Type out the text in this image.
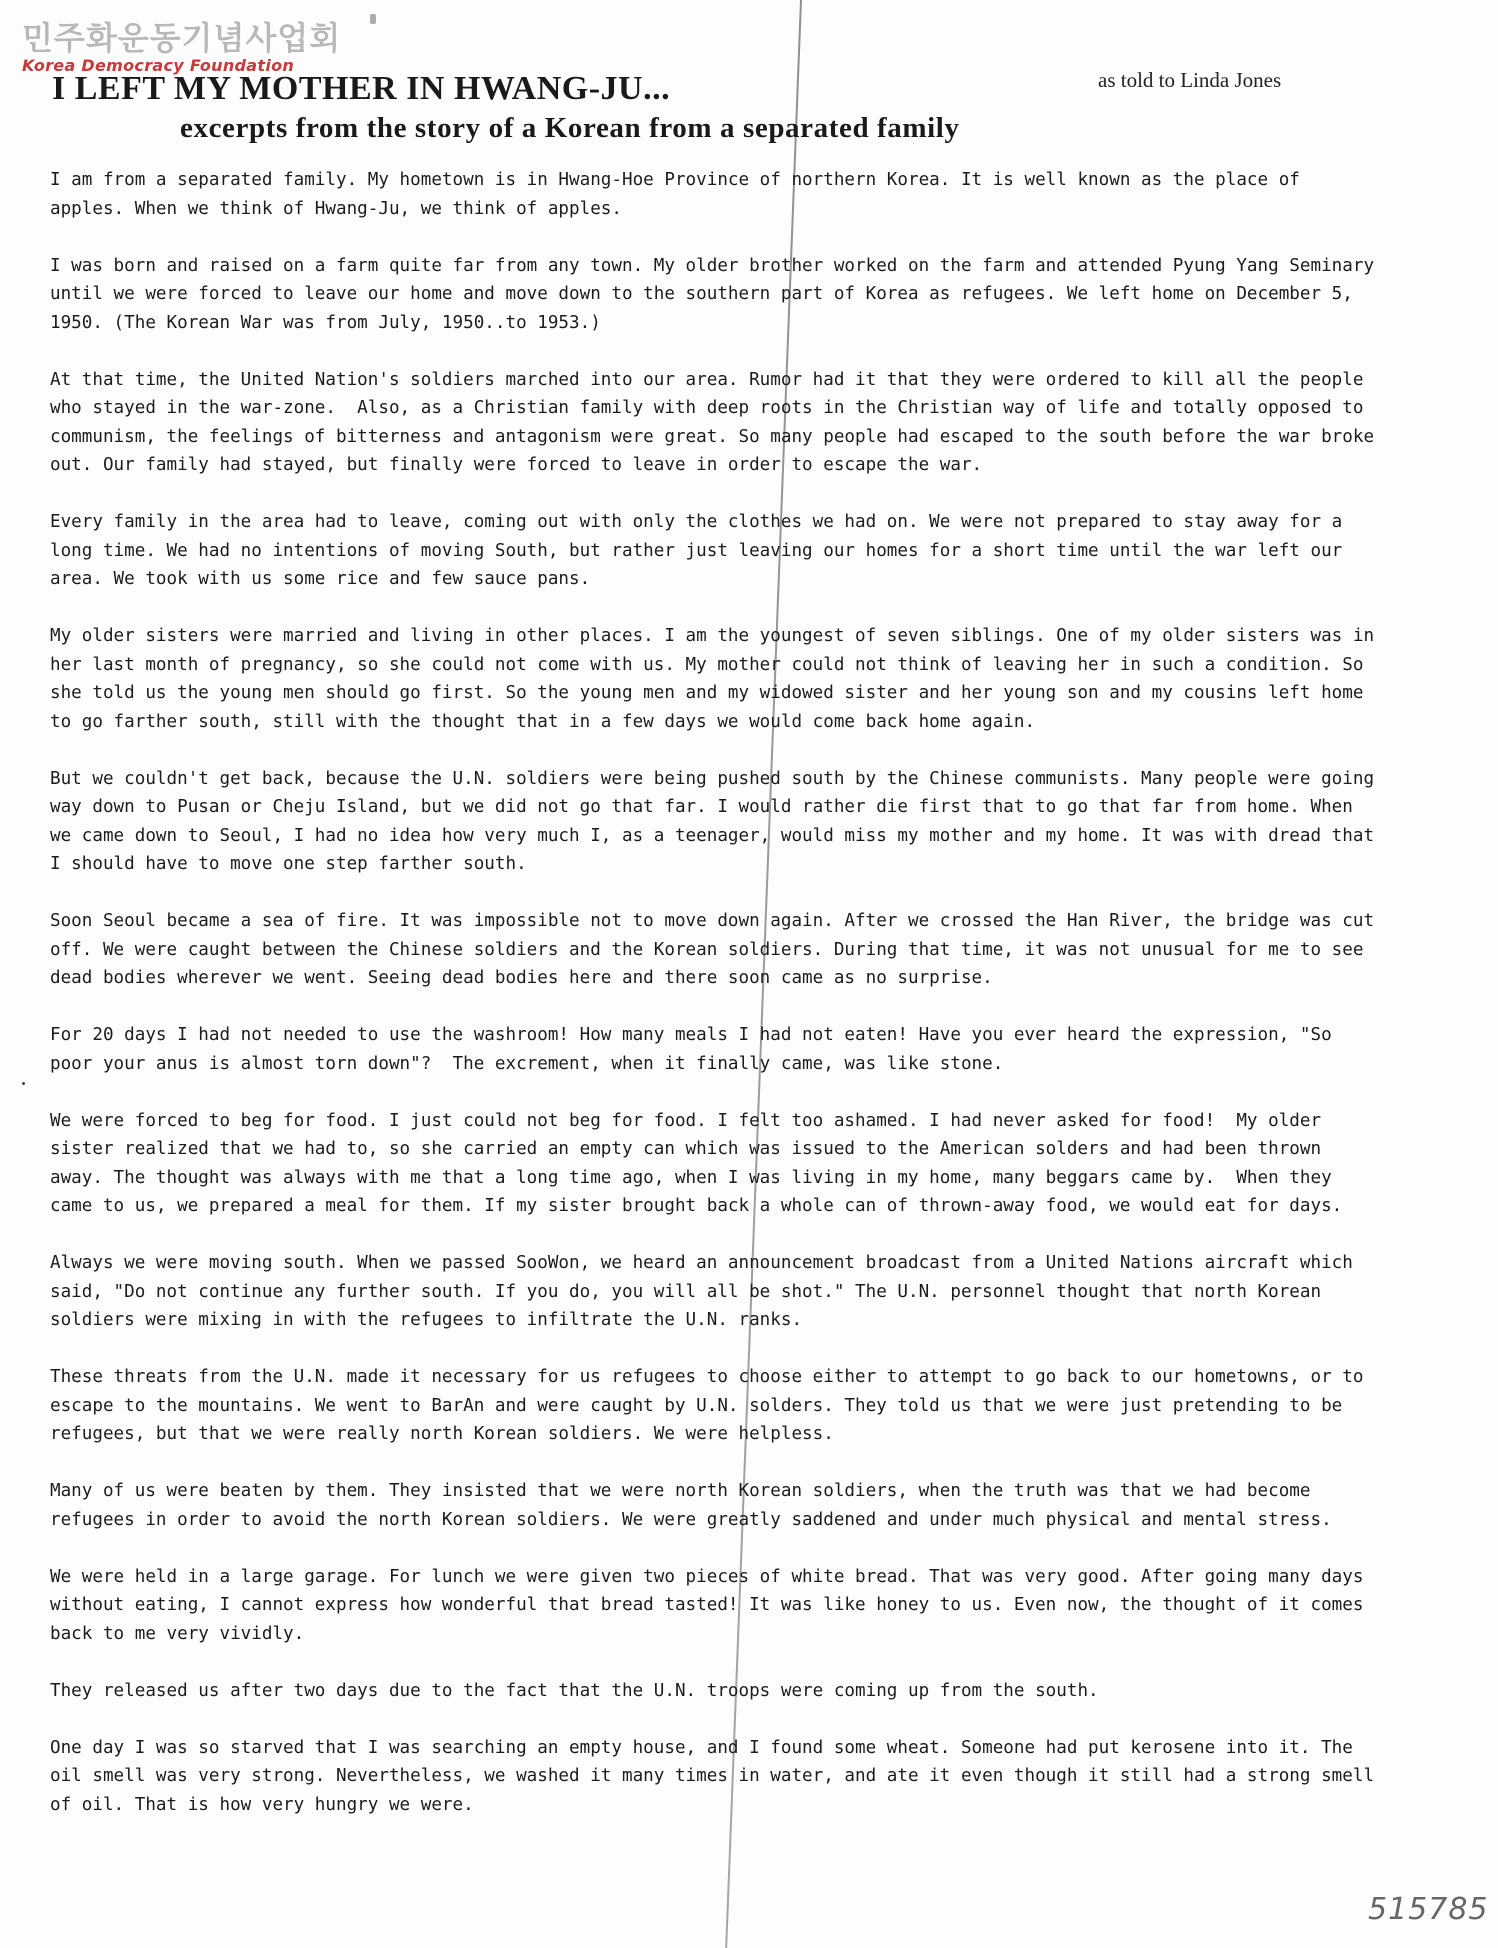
민주화운동기념사업회
Korea Democracy Foundation
as told to Linda Jones
I LEFT MY MOTHER IN HWANG-JU...
excerpts from the story of a Korean from a separated family

I am from a separated family. My hometown is in Hwang-Hoe Province of northern Korea. It is well known as the place of
apples. When we think of Hwang-Ju, we think of apples.

I was born and raised on a farm quite far from any town. My older brother worked on the farm and attended Pyung Yang Seminary
until we were forced to leave our home and move down to the southern part of Korea as refugees. We left home on December 5,
1950. (The Korean War was from July, 1950..to 1953.)

At that time, the United Nation's soldiers marched into our area. Rumor had it that they were ordered to kill all the people
who stayed in the war-zone.  Also, as a Christian family with deep roots in the Christian way of life and totally opposed to
communism, the feelings of bitterness and antagonism were great. So many people had escaped to the south before the war broke
out. Our family had stayed, but finally were forced to leave in order to escape the war.

Every family in the area had to leave, coming out with only the clothes we had on. We were not prepared to stay away for a
long time. We had no intentions of moving South, but rather just leaving our homes for a short time until the war left our
area. We took with us some rice and few sauce pans.

My older sisters were married and living in other places. I am the youngest of seven siblings. One of my older sisters was in
her last month of pregnancy, so she could not come with us. My mother could not think of leaving her in such a condition. So
she told us the young men should go first. So the young men and my widowed sister and her young son and my cousins left home
to go farther south, still with the thought that in a few days we would come back home again.

But we couldn't get back, because the U.N. soldiers were being pushed south by the Chinese communists. Many people were going
way down to Pusan or Cheju Island, but we did not go that far. I would rather die first that to go that far from home. When
we came down to Seoul, I had no idea how very much I, as a teenager, would miss my mother and my home. It was with dread that
I should have to move one step farther south.

Soon Seoul became a sea of fire. It was impossible not to move down again. After we crossed the Han River, the bridge was cut
off. We were caught between the Chinese soldiers and the Korean soldiers. During that time, it was not unusual for me to see
dead bodies wherever we went. Seeing dead bodies here and there soon came as no surprise.

For 20 days I had not needed to use the washroom! How many meals I had not eaten! Have you ever heard the expression, "So
poor your anus is almost torn down"?  The excrement, when it finally came, was like stone.

We were forced to beg for food. I just could not beg for food. I felt too ashamed. I had never asked for food!  My older
sister realized that we had to, so she carried an empty can which was issued to the American solders and had been thrown
away. The thought was always with me that a long time ago, when I was living in my home, many beggars came by.  When they
came to us, we prepared a meal for them. If my sister brought back a whole can of thrown-away food, we would eat for days.

Always we were moving south. When we passed SooWon, we heard an announcement broadcast from a United Nations aircraft which
said, "Do not continue any further south. If you do, you will all be shot." The U.N. personnel thought that north Korean
soldiers were mixing in with the refugees to infiltrate the U.N. ranks.

These threats from the U.N. made it necessary for us refugees to choose either to attempt to go back to our hometowns, or to
escape to the mountains. We went to BarAn and were caught by U.N. solders. They told us that we were just pretending to be
refugees, but that we were really north Korean soldiers. We were helpless.

Many of us were beaten by them. They insisted that we were north Korean soldiers, when the truth was that we had become
refugees in order to avoid the north Korean soldiers. We were greatly saddened and under much physical and mental stress.

We were held in a large garage. For lunch we were given two pieces of white bread. That was very good. After going many days
without eating, I cannot express how wonderful that bread tasted! It was like honey to us. Even now, the thought of it comes
back to me very vividly.

They released us after two days due to the fact that the U.N. troops were coming up from the south.

One day I was so starved that I was searching an empty house, and I found some wheat. Someone had put kerosene into it. The
oil smell was very strong. Nevertheless, we washed it many times in water, and ate it even though it still had a strong smell
of oil. That is how very hungry we were.

515785
